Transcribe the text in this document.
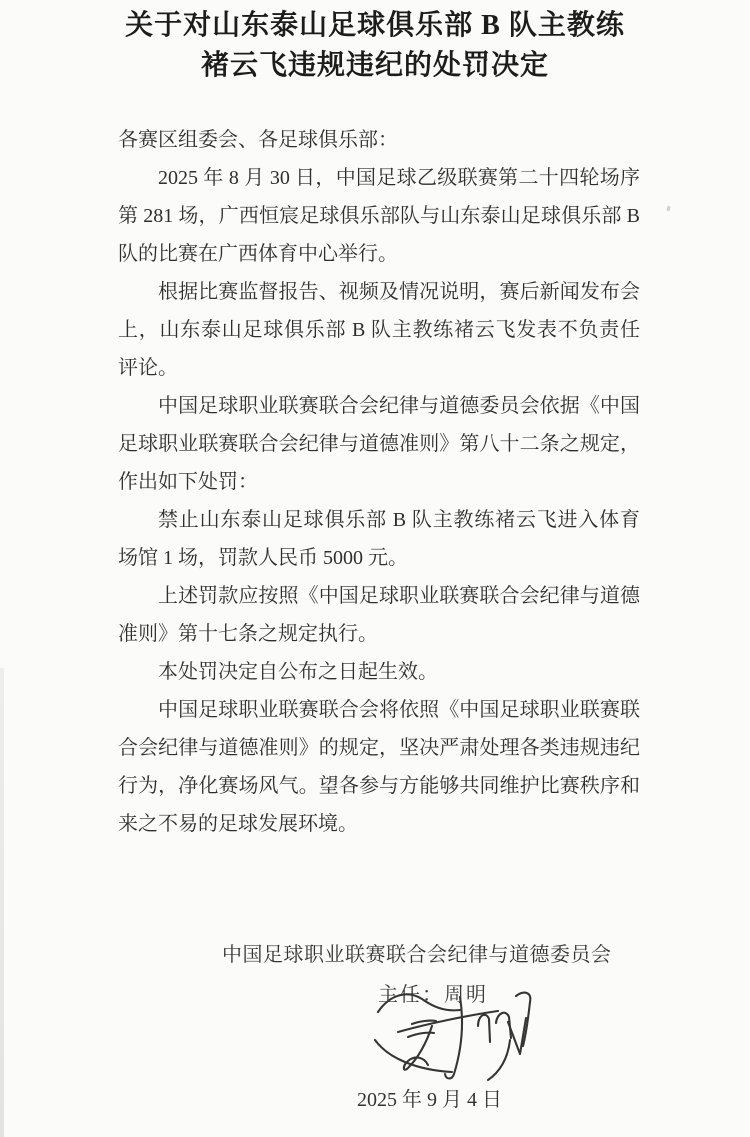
关于对山东泰山足球俱乐部 B 队主教练
褚云飞违规违纪的处罚决定

各赛区组委会、各足球俱乐部：

2025 年 8 月 30 日，中国足球乙级联赛第二十四轮场序第 281 场，广西恒宸足球俱乐部队与山东泰山足球俱乐部 B 队的比赛在广西体育中心举行。

根据比赛监督报告、视频及情况说明，赛后新闻发布会上，山东泰山足球俱乐部 B 队主教练褚云飞发表不负责任评论。

中国足球职业联赛联合会纪律与道德委员会依据《中国足球职业联赛联合会纪律与道德准则》第八十二条之规定，作出如下处罚：

禁止山东泰山足球俱乐部 B 队主教练褚云飞进入体育场馆 1 场，罚款人民币 5000 元。

上述罚款应按照《中国足球职业联赛联合会纪律与道德准则》第十七条之规定执行。

本处罚决定自公布之日起生效。

中国足球职业联赛联合会将依照《中国足球职业联赛联合会纪律与道德准则》的规定，坚决严肃处理各类违规违纪行为，净化赛场风气。望各参与方能够共同维护比赛秩序和来之不易的足球发展环境。

中国足球职业联赛联合会纪律与道德委员会
主任：周明
2025 年 9 月 4 日
